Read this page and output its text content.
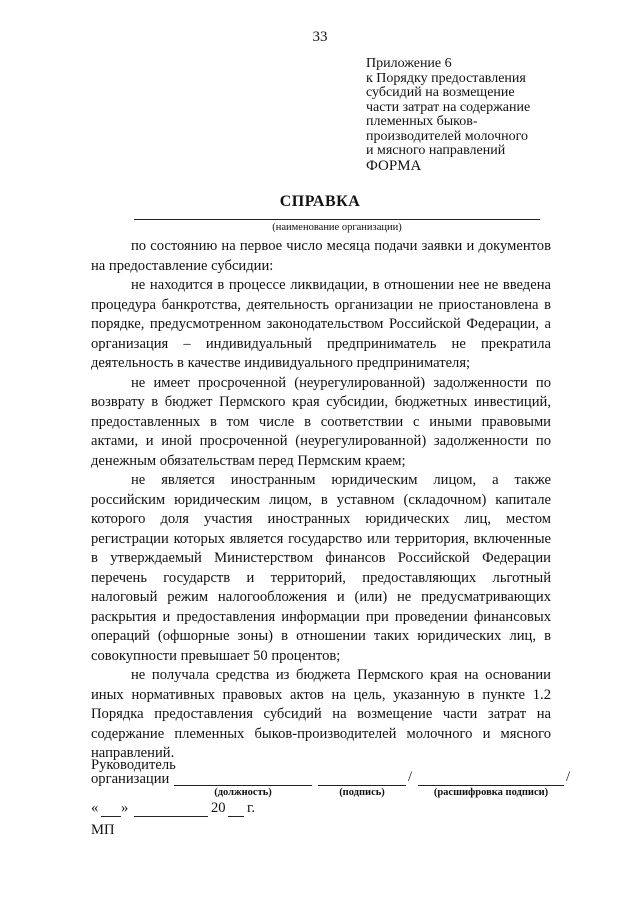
33
Приложение 6
к Порядку предоставления
субсидий на возмещение
части затрат на содержание
племенных быков-
производителей молочного
и мясного направлений
ФОРМА
СПРАВКА
(наименование организации)

по состоянию на первое число месяца подачи заявки и документов на предоставление субсидии:

не находится в процессе ликвидации, в отношении нее не введена процедура банкротства, деятельность организации не приостановлена в порядке, предусмотренном законодательством Российской Федерации, а организация – индивидуальный предприниматель не прекратила деятельность в качестве индивидуального предпринимателя;

не имеет просроченной (неурегулированной) задолженности по возврату в бюджет Пермского края субсидии, бюджетных инвестиций, предоставленных в том числе в соответствии с иными правовыми актами, и иной просроченной (неурегулированной) задолженности по денежным обязательствам перед Пермским краем;

не является иностранным юридическим лицом, а также российским юридическим лицом, в уставном (складочном) капитале которого доля участия иностранных юридических лиц, местом регистрации которых является государство или территория, включенные в утверждаемый Министерством финансов Российской Федерации перечень государств и территорий, предоставляющих льготный налоговый режим налогообложения и (или) не предусматривающих раскрытия и предоставления информации при проведении финансовых операций (офшорные зоны) в отношении таких юридических лиц, в совокупности превышает 50 процентов;

не получала средства из бюджета Пермского края на основании иных нормативных правовых актов на цель, указанную в пункте 1.2 Порядка предоставления субсидий на возмещение части затрат на содержание племенных быков-производителей молочного и мясного направлений.

Руководитель
организации	/	/
(должность)	(подпись)	(расшифровка подписи)
« »	20 г.
МП
